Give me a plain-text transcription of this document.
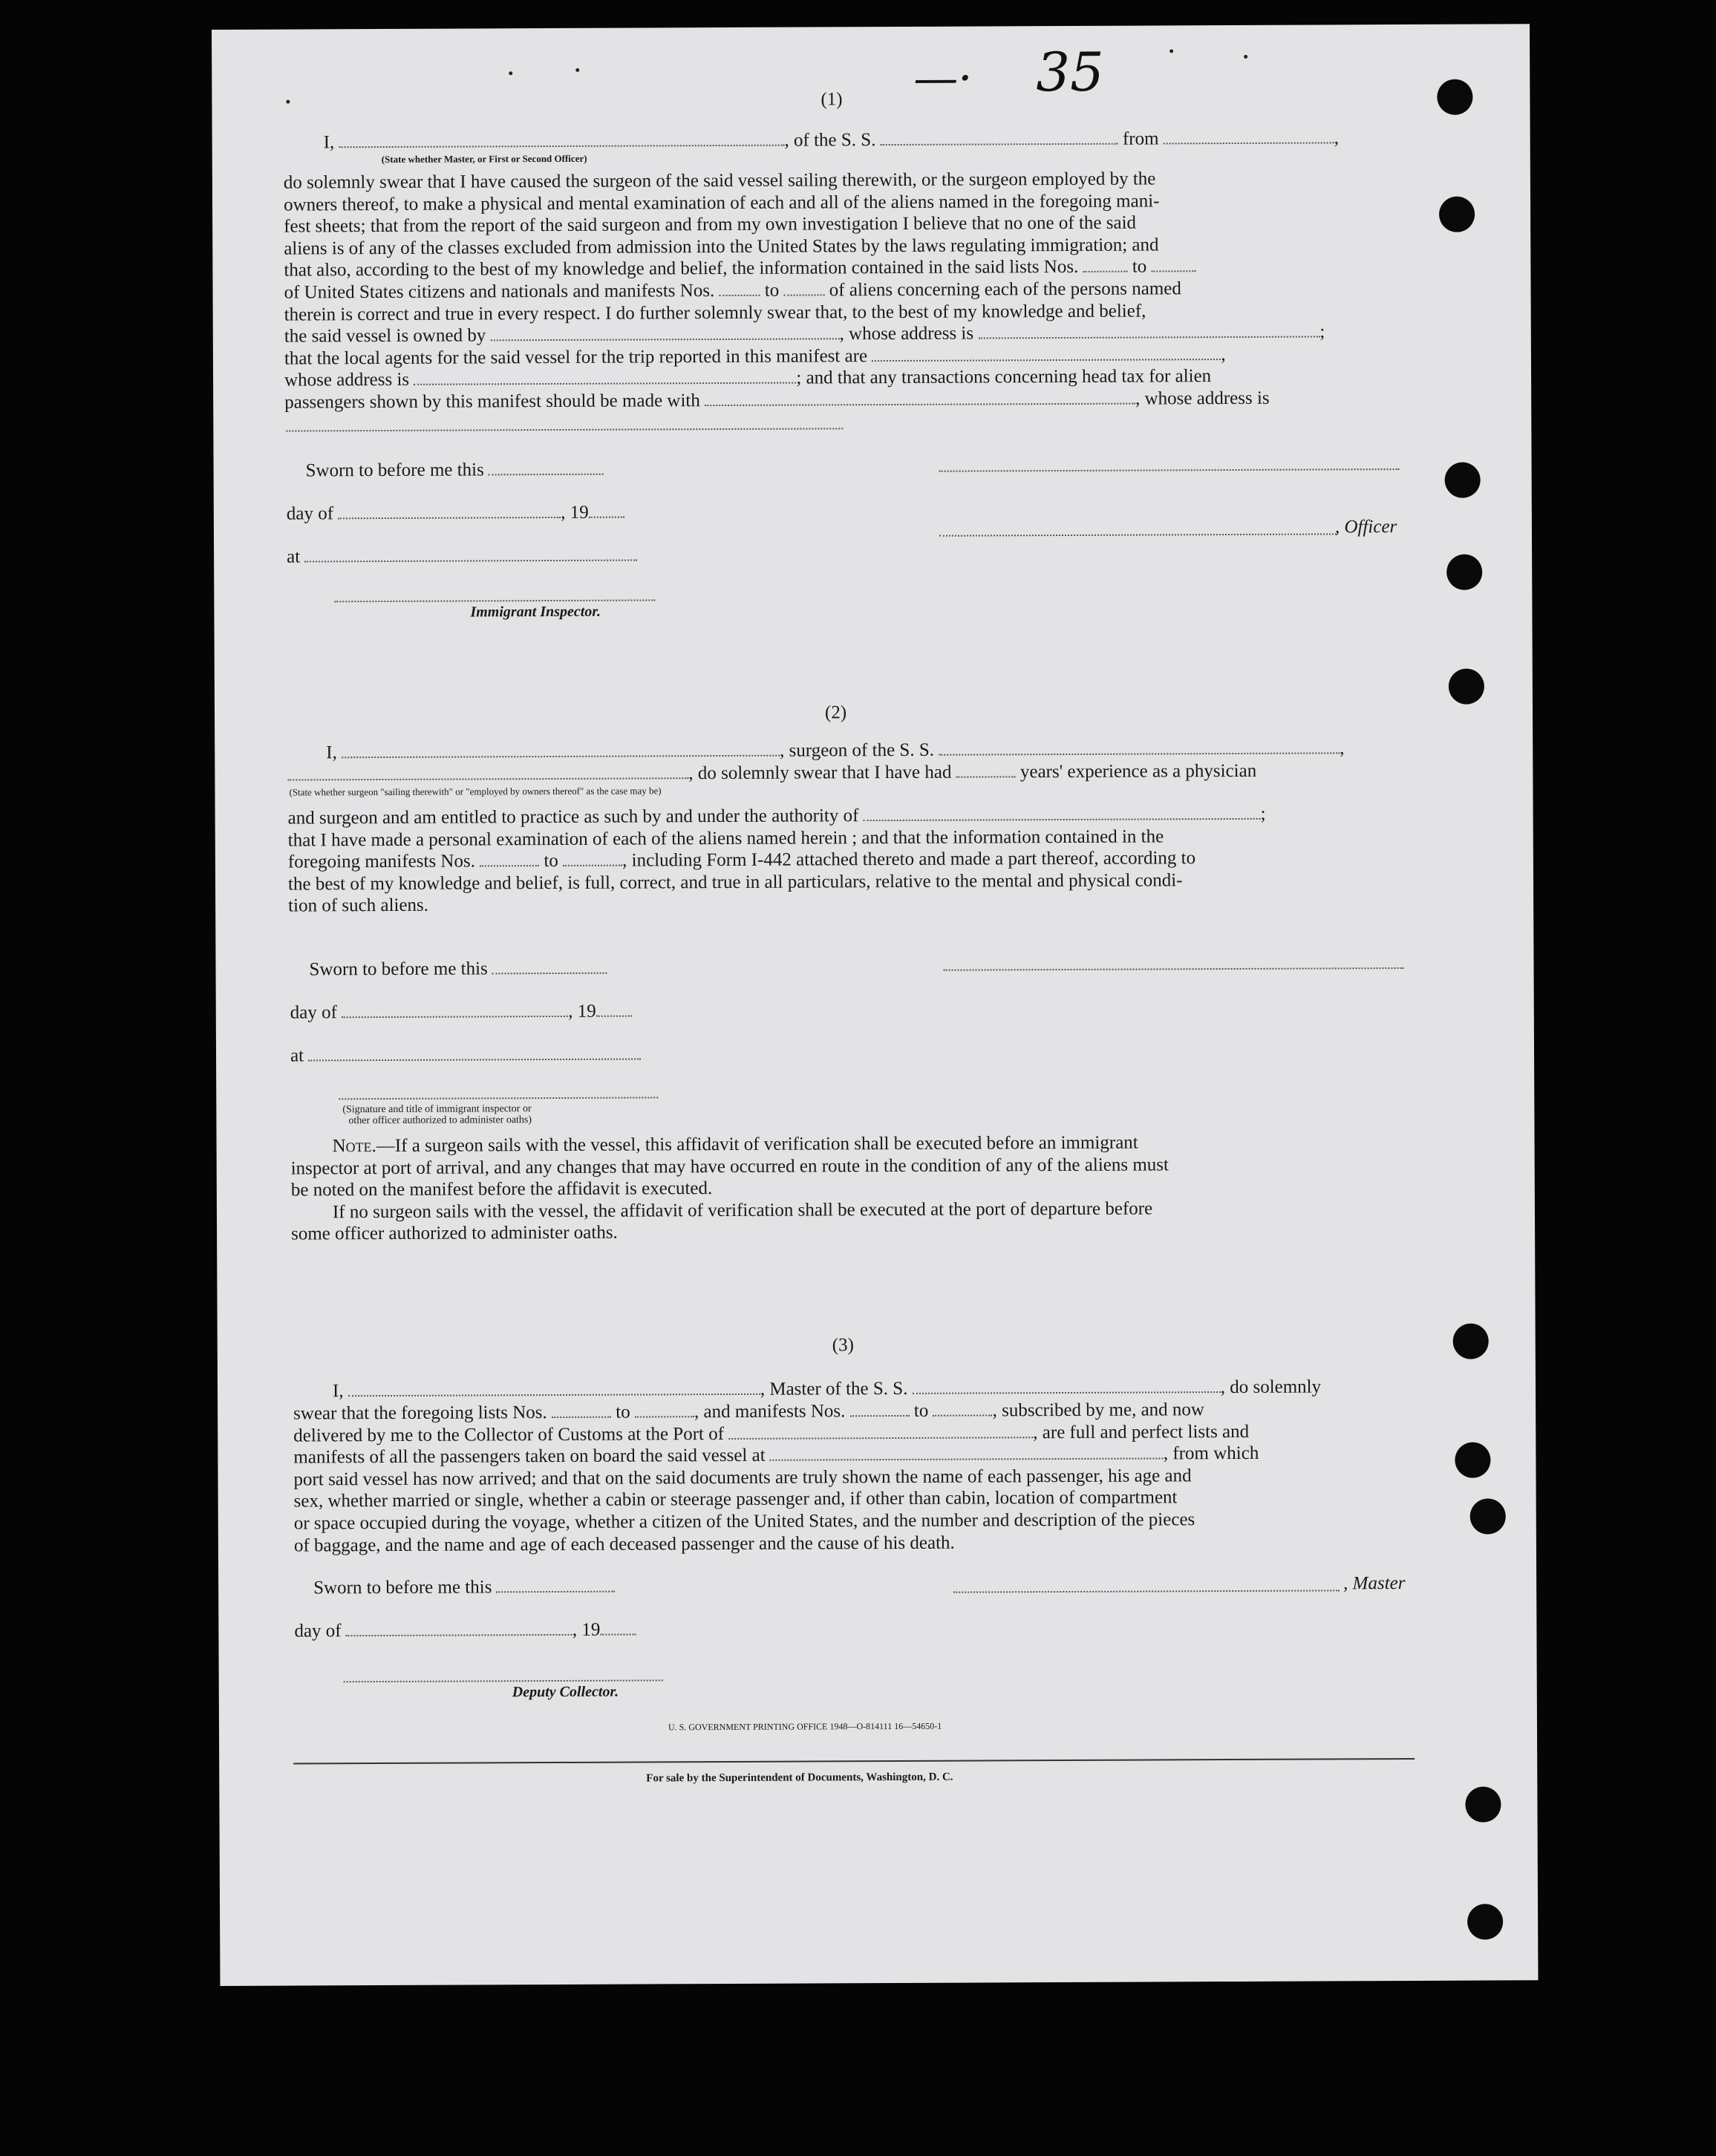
—· 35
(1)
I,	, of the S. S.	from	,
(State whether Master, or First or Second Officer)
do solemnly swear that I have caused the surgeon of the said vessel sailing therewith, or the surgeon employed by the
owners thereof, to make a physical and mental examination of each and all of the aliens named in the foregoing mani-
fest sheets; that from the report of the said surgeon and from my own investigation I believe that no one of the said
aliens is of any of the classes excluded from admission into the United States by the laws regulating immigration; and
that also, according to the best of my knowledge and belief, the information contained in the said lists Nos.	to
of United States citizens and nationals and manifests Nos.	to	of aliens concerning each of the persons named
therein is correct and true in every respect. I do further solemnly swear that, to the best of my knowledge and belief,
the said vessel is owned by	, whose address is	;
that the local agents for the said vessel for the trip reported in this manifest are	,
whose address is	; and that any transactions concerning head tax for alien
passengers shown by this manifest should be made with	, whose address is
Sworn to before me this
day of	, 19
, Officer
at
Immigrant Inspector.
(2)
I,	, surgeon of the S. S.	,
, do solemnly swear that I have had	years' experience as a physician
(State whether surgeon "sailing therewith" or "employed by owners thereof" as the case may be)
and surgeon and am entitled to practice as such by and under the authority of	;
that I have made a personal examination of each of the aliens named herein ; and that the information contained in the
foregoing manifests Nos.	to	, including Form I-442 attached thereto and made a part thereof, according to
the best of my knowledge and belief, is full, correct, and true in all particulars, relative to the mental and physical condi-
tion of such aliens.
Sworn to before me this
day of	, 19
at
(Signature and title of immigrant inspector or
other officer authorized to administer oaths)
Note.—If a surgeon sails with the vessel, this affidavit of verification shall be executed before an immigrant
inspector at port of arrival, and any changes that may have occurred en route in the condition of any of the aliens must
be noted on the manifest before the affidavit is executed.
If no surgeon sails with the vessel, the affidavit of verification shall be executed at the port of departure before
some officer authorized to administer oaths.
(3)
I,	, Master of the S. S.	, do solemnly
swear that the foregoing lists Nos.	to	, and manifests Nos.	to	, subscribed by me, and now
delivered by me to the Collector of Customs at the Port of	, are full and perfect lists and
manifests of all the passengers taken on board the said vessel at	, from which
port said vessel has now arrived; and that on the said documents are truly shown the name of each passenger, his age and
sex, whether married or single, whether a cabin or steerage passenger and, if other than cabin, location of compartment
or space occupied during the voyage, whether a citizen of the United States, and the number and description of the pieces
of baggage, and the name and age of each deceased passenger and the cause of his death.
Sworn to before me this	, Master
day of	, 19
Deputy Collector.
U. S. GOVERNMENT PRINTING OFFICE 1948—O-814111 16—54650-1
For sale by the Superintendent of Documents, Washington, D. C.
